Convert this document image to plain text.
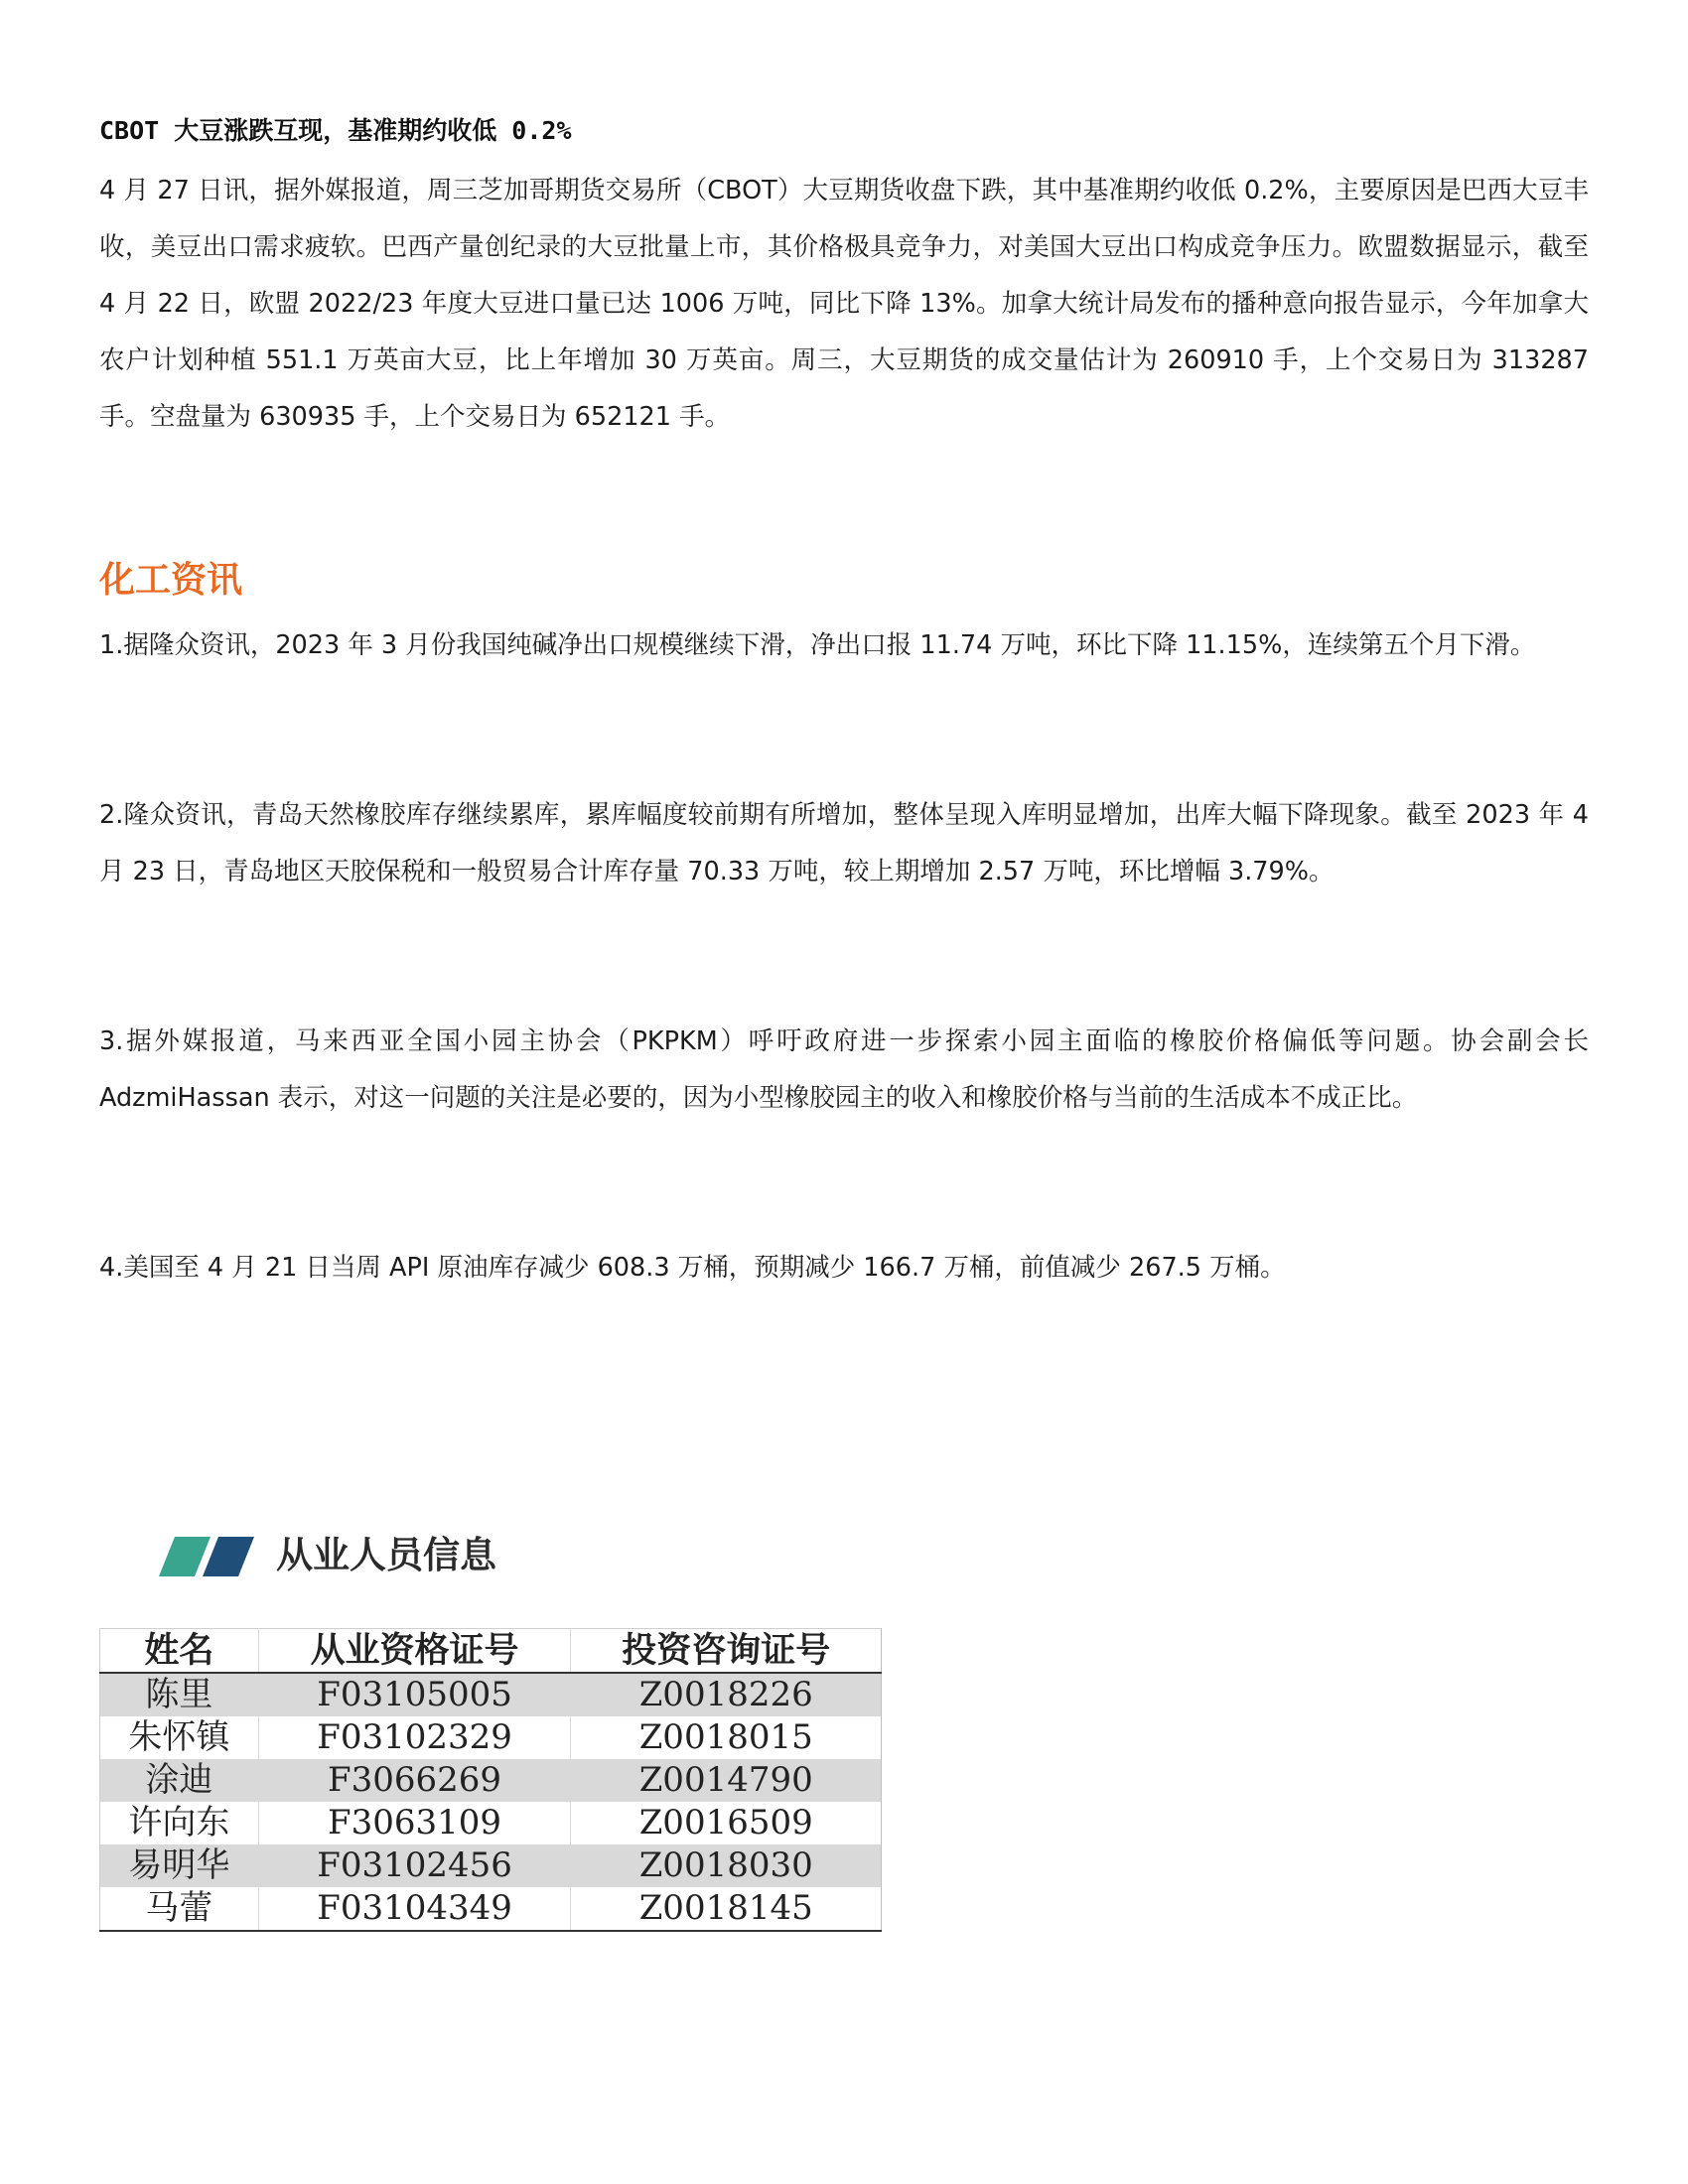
CBOT 大豆涨跌互现，基准期约收低 0.2%

4 月 27 日讯，据外媒报道，周三芝加哥期货交易所（CBOT）大豆期货收盘下跌，其中基准期约收低 0.2%，主要原因是巴西大豆丰收，美豆出口需求疲软。巴西产量创纪录的大豆批量上市，其价格极具竞争力，对美国大豆出口构成竞争压力。欧盟数据显示，截至 4 月 22 日，欧盟 2022/23 年度大豆进口量已达 1006 万吨，同比下降 13%。加拿大统计局发布的播种意向报告显示，今年加拿大农户计划种植 551.1 万英亩大豆，比上年增加 30 万英亩。周三，大豆期货的成交量估计为 260910 手，上个交易日为 313287 手。空盘量为 630935 手，上个交易日为 652121 手。

化工资讯

1.据隆众资讯，2023 年 3 月份我国纯碱净出口规模继续下滑，净出口报 11.74 万吨，环比下降 11.15%，连续第五个月下滑。

2.隆众资讯，青岛天然橡胶库存继续累库，累库幅度较前期有所增加，整体呈现入库明显增加，出库大幅下降现象。截至 2023 年 4 月 23 日，青岛地区天胶保税和一般贸易合计库存量 70.33 万吨，较上期增加 2.57 万吨，环比增幅 3.79%。

3.据外媒报道，马来西亚全国小园主协会（PKPKM）呼吁政府进一步探索小园主面临的橡胶价格偏低等问题。协会副会长 AdzmiHassan 表示，对这一问题的关注是必要的，因为小型橡胶园主的收入和橡胶价格与当前的生活成本不成正比。

4.美国至 4 月 21 日当周 API 原油库存减少 608.3 万桶，预期减少 166.7 万桶，前值减少 267.5 万桶。

从业人员信息
姓名	从业资格证号	投资咨询证号
陈里	F03105005	Z0018226
朱怀镇	F03102329	Z0018015
涂迪	F3066269	Z0014790
许向东	F3063109	Z0016509
易明华	F03102456	Z0018030
马蕾	F03104349	Z0018145
